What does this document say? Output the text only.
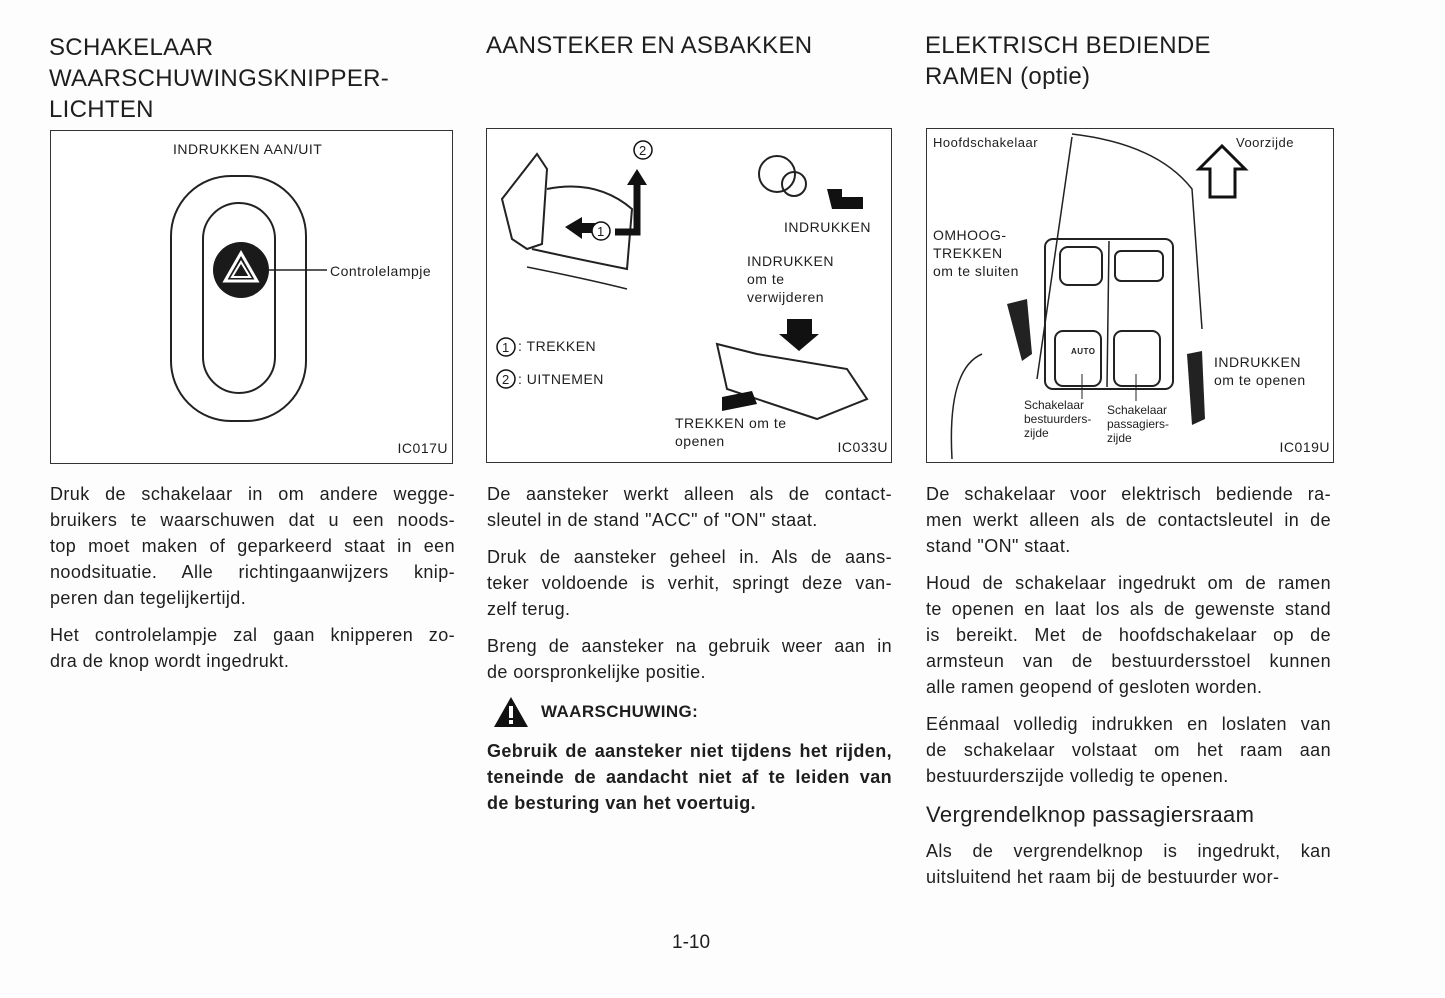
SCHAKELAAR
WAARSCHUWINGSKNIPPER-
LICHTEN
AANSTEKER EN ASBAKKEN	ELEKTRISCH BEDIENDE
RAMEN (optie)
INDRUKKEN AAN/UIT
Controlelampje
IC017U
1
2
1
2
INDRUKKEN
INDRUKKEN
om te
verwijderen
: TREKKEN
: UITNEMEN
TREKKEN om te
openen	IC033U
Hoofdschakelaar	Voorzijde
AUTO
OMHOOG-
TREKKEN
om te sluiten
INDRUKKEN
om te openen
Schakelaar
bestuurders-
zijde
Schakelaar
passagiers-
zijde
IC019U
Druk de schakelaar in om andere wegge-
bruikers te waarschuwen dat u een noods-
top moet maken of geparkeerd staat in een
noodsituatie. Alle richtingaanwijzers knip-
peren dan tegelijkertijd.
Het controlelampje zal gaan knipperen zo-
dra de knop wordt ingedrukt.
De aansteker werkt alleen als de contact-
sleutel in de stand "ACC" of "ON" staat.
Druk de aansteker geheel in. Als de aans-
teker voldoende is verhit, springt deze van-
zelf terug.
Breng de aansteker na gebruik weer aan in
de oorspronkelijke positie.
WAARSCHUWING:
Gebruik de aansteker niet tijdens het rijden,
teneinde de aandacht niet af te leiden van
de besturing van het voertuig.
De schakelaar voor elektrisch bediende ra-
men werkt alleen als de contactsleutel in de
stand "ON" staat.
Houd de schakelaar ingedrukt om de ramen
te openen en laat los als de gewenste stand
is bereikt. Met de hoofdschakelaar op de
armsteun van de bestuurdersstoel kunnen
alle ramen geopend of gesloten worden.
Eénmaal volledig indrukken en loslaten van
de schakelaar volstaat om het raam aan
bestuurderszijde volledig te openen.
Vergrendelknop passagiersraam
Als de vergrendelknop is ingedrukt, kan
uitsluitend het raam bij de bestuurder wor-
1-10
